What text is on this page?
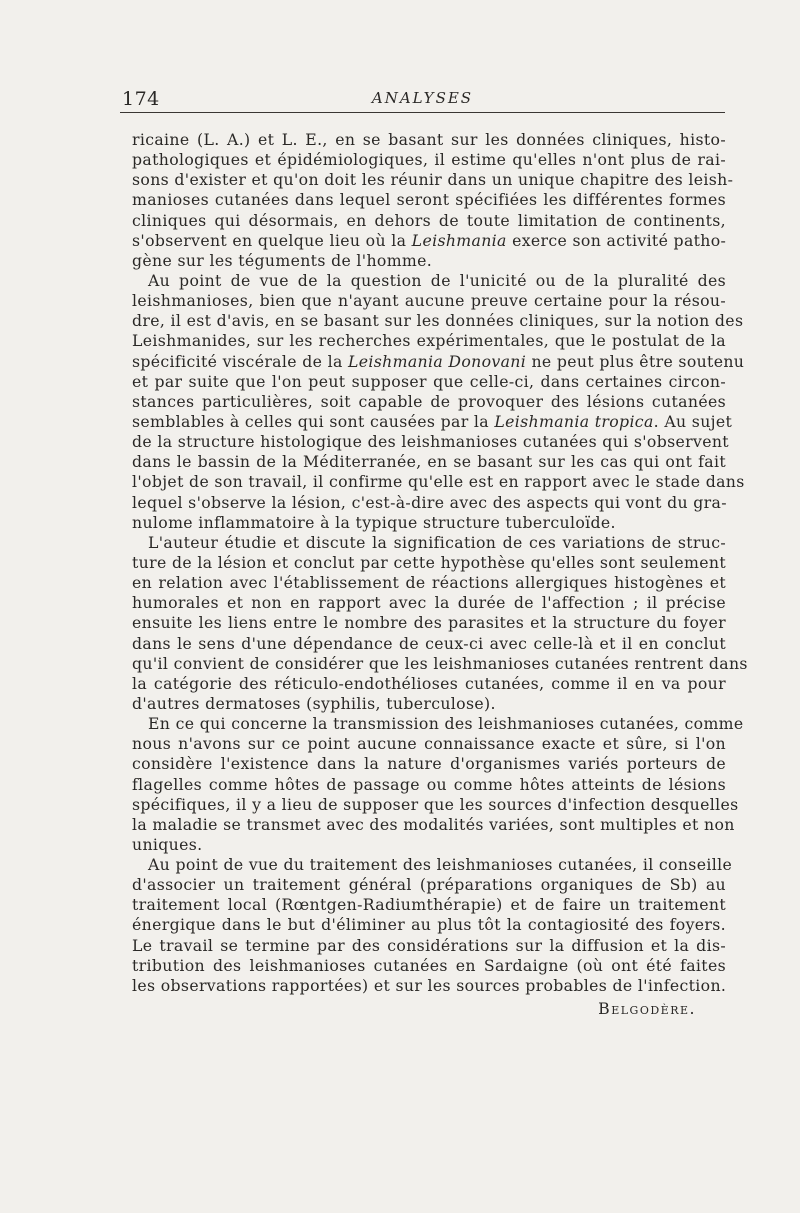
174	ANALYSES
ricaine (L. A.) et L. E., en se basant sur les données cliniques, histo-
pathologiques et épidémiologiques, il estime qu'elles n'ont plus de rai-
sons d'exister et qu'on doit les réunir dans un unique chapitre des leish-
manioses cutanées dans lequel seront spécifiées les différentes formes
cliniques qui désormais, en dehors de toute limitation de continents,
s'observent en quelque lieu où la Leishmania exerce son activité patho-
gène sur les téguments de l'homme.
Au point de vue de la question de l'unicité ou de la pluralité des
leishmanioses, bien que n'ayant aucune preuve certaine pour la résou-
dre, il est d'avis, en se basant sur les données cliniques, sur la notion des
Leishmanides, sur les recherches expérimentales, que le postulat de la
spécificité viscérale de la Leishmania Donovani ne peut plus être soutenu
et par suite que l'on peut supposer que celle-ci, dans certaines circon-
stances particulières, soit capable de provoquer des lésions cutanées
semblables à celles qui sont causées par la Leishmania tropica. Au sujet
de la structure histologique des leishmanioses cutanées qui s'observent
dans le bassin de la Méditerranée, en se basant sur les cas qui ont fait
l'objet de son travail, il confirme qu'elle est en rapport avec le stade dans
lequel s'observe la lésion, c'est-à-dire avec des aspects qui vont du gra-
nulome inflammatoire à la typique structure tuberculoïde.
L'auteur étudie et discute la signification de ces variations de struc-
ture de la lésion et conclut par cette hypothèse qu'elles sont seulement
en relation avec l'établissement de réactions allergiques histogènes et
humorales et non en rapport avec la durée de l'affection ; il précise
ensuite les liens entre le nombre des parasites et la structure du foyer
dans le sens d'une dépendance de ceux-ci avec celle-là et il en conclut
qu'il convient de considérer que les leishmanioses cutanées rentrent dans
la catégorie des réticulo-endothélioses cutanées, comme il en va pour
d'autres dermatoses (syphilis, tuberculose).
En ce qui concerne la transmission des leishmanioses cutanées, comme
nous n'avons sur ce point aucune connaissance exacte et sûre, si l'on
considère l'existence dans la nature d'organismes variés porteurs de
flagelles comme hôtes de passage ou comme hôtes atteints de lésions
spécifiques, il y a lieu de supposer que les sources d'infection desquelles
la maladie se transmet avec des modalités variées, sont multiples et non
uniques.
Au point de vue du traitement des leishmanioses cutanées, il conseille
d'associer un traitement général (préparations organiques de Sb) au
traitement local (Rœntgen-Radiumthérapie) et de faire un traitement
énergique dans le but d'éliminer au plus tôt la contagiosité des foyers.
Le travail se termine par des considérations sur la diffusion et la dis-
tribution des leishmanioses cutanées en Sardaigne (où ont été faites
les observations rapportées) et sur les sources probables de l'infection.
Belgodère.
